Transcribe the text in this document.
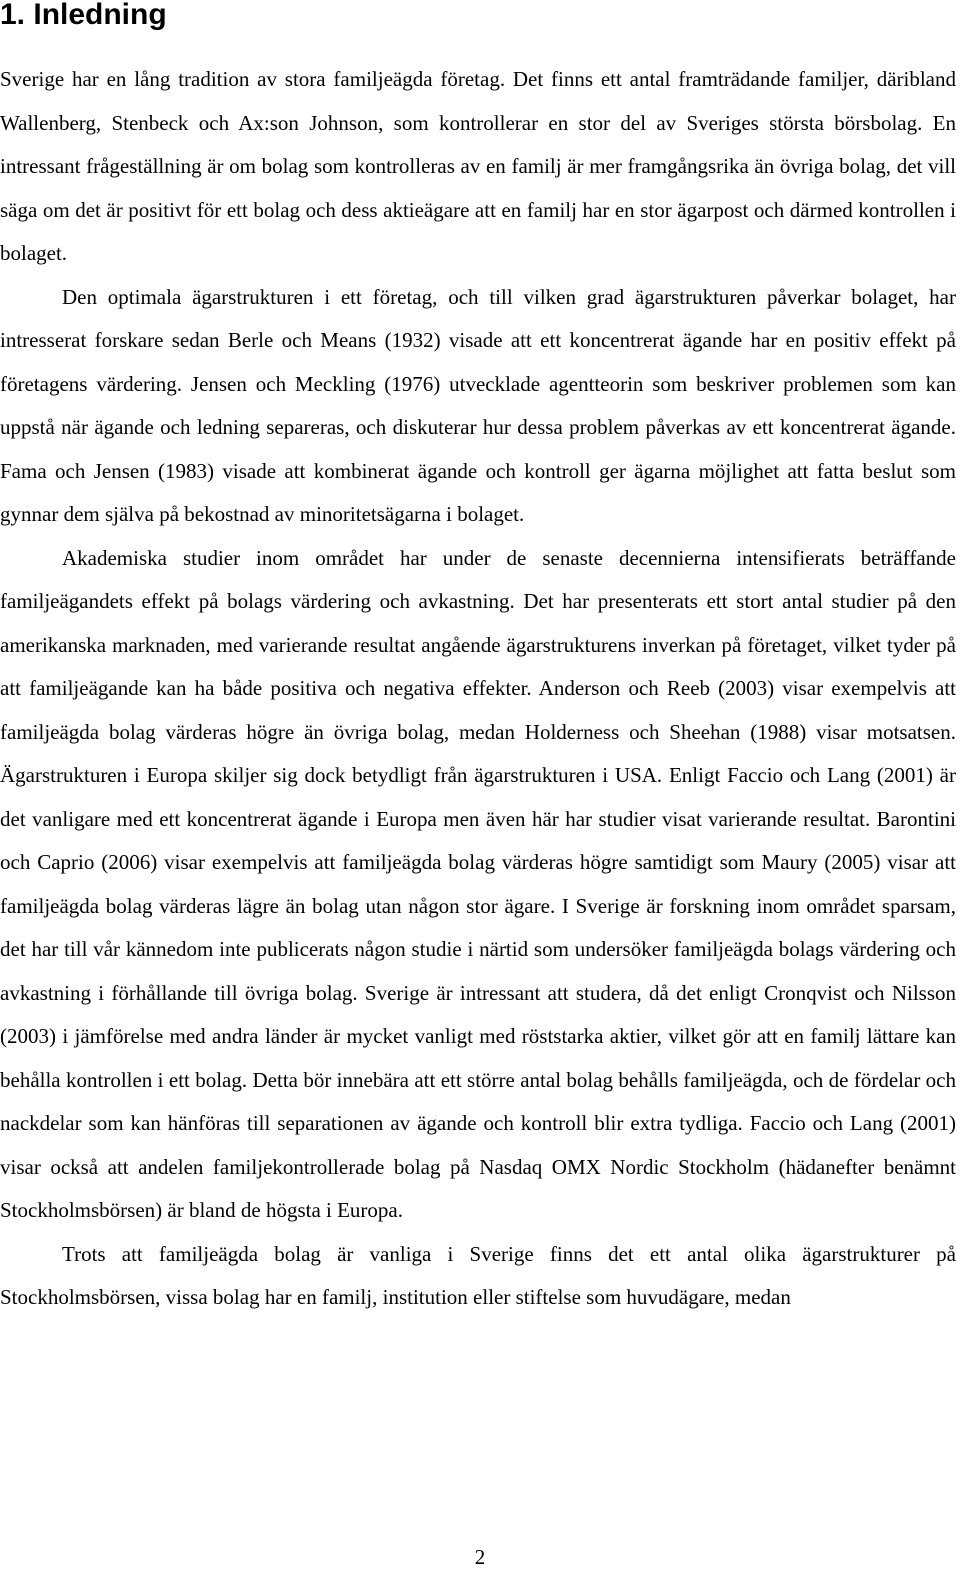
1. Inledning

Sverige har en lång tradition av stora familjeägda företag. Det finns ett antal framträdande familjer, däribland Wallenberg, Stenbeck och Ax:son Johnson, som kontrollerar en stor del av Sveriges största börsbolag. En intressant frågeställning är om bolag som kontrolleras av en familj är mer framgångsrika än övriga bolag, det vill säga om det är positivt för ett bolag och dess aktieägare att en familj har en stor ägarpost och därmed kontrollen i bolaget.

Den optimala ägarstrukturen i ett företag, och till vilken grad ägarstrukturen påverkar bolaget, har intresserat forskare sedan Berle och Means (1932) visade att ett koncentrerat ägande har en positiv effekt på företagens värdering. Jensen och Meckling (1976) utvecklade agentteorin som beskriver problemen som kan uppstå när ägande och ledning separeras, och diskuterar hur dessa problem påverkas av ett koncentrerat ägande. Fama och Jensen (1983) visade att kombinerat ägande och kontroll ger ägarna möjlighet att fatta beslut som gynnar dem själva på bekostnad av minoritetsägarna i bolaget.

Akademiska studier inom området har under de senaste decennierna intensifierats beträffande familjeägandets effekt på bolags värdering och avkastning. Det har presenterats ett stort antal studier på den amerikanska marknaden, med varierande resultat angående ägarstrukturens inverkan på företaget, vilket tyder på att familjeägande kan ha både positiva och negativa effekter. Anderson och Reeb (2003) visar exempelvis att familjeägda bolag värderas högre än övriga bolag, medan Holderness och Sheehan (1988) visar motsatsen. Ägarstrukturen i Europa skiljer sig dock betydligt från ägarstrukturen i USA. Enligt Faccio och Lang (2001) är det vanligare med ett koncentrerat ägande i Europa men även här har studier visat varierande resultat. Barontini och Caprio (2006) visar exempelvis att familjeägda bolag värderas högre samtidigt som Maury (2005) visar att familjeägda bolag värderas lägre än bolag utan någon stor ägare. I Sverige är forskning inom området sparsam, det har till vår kännedom inte publicerats någon studie i närtid som undersöker familjeägda bolags värdering och avkastning i förhållande till övriga bolag. Sverige är intressant att studera, då det enligt Cronqvist och Nilsson (2003) i jämförelse med andra länder är mycket vanligt med röststarka aktier, vilket gör att en familj lättare kan behålla kontrollen i ett bolag. Detta bör innebära att ett större antal bolag behålls familjeägda, och de fördelar och nackdelar som kan hänföras till separationen av ägande och kontroll blir extra tydliga. Faccio och Lang (2001) visar också att andelen familjekontrollerade bolag på Nasdaq OMX Nordic Stockholm (hädanefter benämnt Stockholmsbörsen) är bland de högsta i Europa.

Trots att familjeägda bolag är vanliga i Sverige finns det ett antal olika ägarstrukturer på Stockholmsbörsen, vissa bolag har en familj, institution eller stiftelse som huvudägare, medan

2
